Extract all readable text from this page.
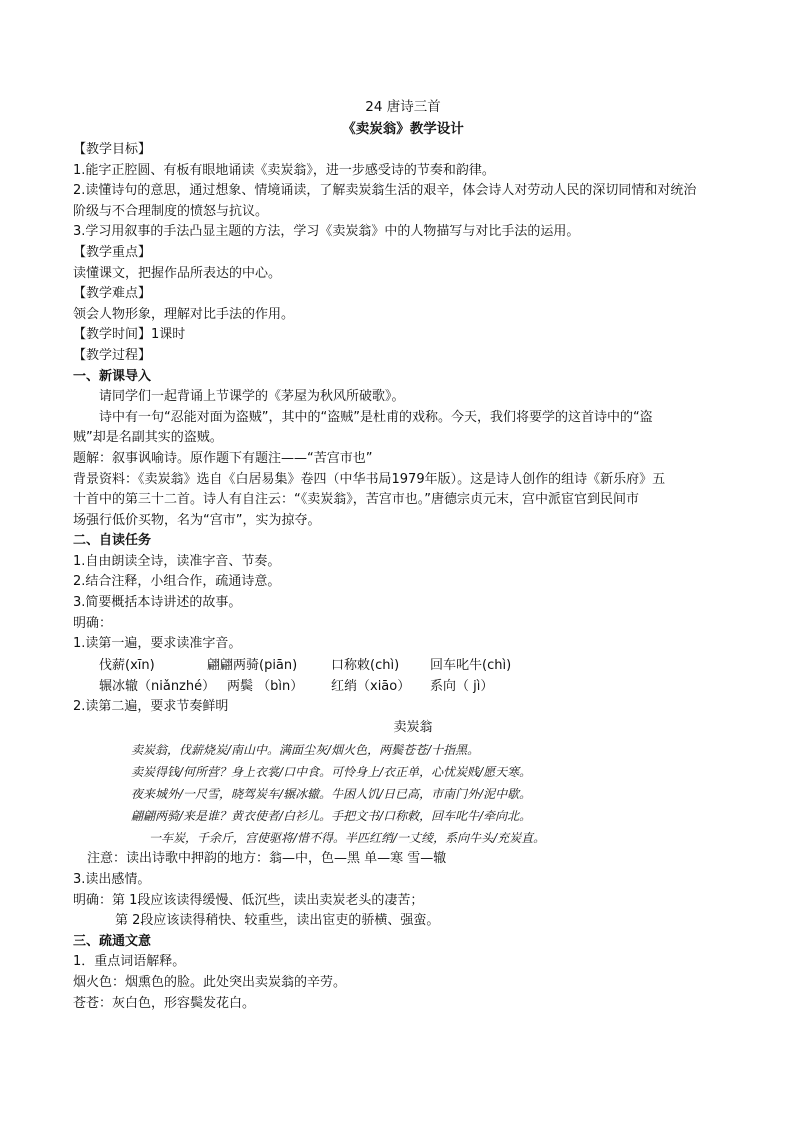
24 唐诗三首
《卖炭翁》教学设计
【教学目标】
1.能字正腔圆、有板有眼地诵读《卖炭翁》，进一步感受诗的节奏和韵律。
2.读懂诗句的意思，通过想象、情境诵读，了解卖炭翁生活的艰辛，体会诗人对劳动人民的深切同情和对统治
阶级与不合理制度的愤怒与抗议。
3.学习用叙事的手法凸显主题的方法，学习《卖炭翁》中的人物描写与对比手法的运用。
【教学重点】
读懂课文，把握作品所表达的中心。
【教学难点】
领会人物形象，理解对比手法的作用。
【教学时间】1课时
【教学过程】
一、新课导入
请同学们一起背诵上节课学的《茅屋为秋风所破歌》。
诗中有一句“忍能对面为盗贼”，其中的“盗贼”是杜甫的戏称。今天，我们将要学的这首诗中的“盗
贼”却是名副其实的盗贼。
题解：叙事讽喻诗。原作题下有题注——“苦宫市也”
背景资料：《卖炭翁》选自《白居易集》卷四（中华书局1979年版）。这是诗人创作的组诗《新乐府》五
十首中的第三十二首。诗人有自注云：“《卖炭翁》，苦宫市也。”唐德宗贞元末，宫中派宦官到民间市
场强行低价买物，名为“宫市”，实为掠夺。
二、自读任务
1.自由朗读全诗，读准字音、节奏。
2.结合注释，小组合作，疏通诗意。
3.简要概括本诗讲述的故事。
明确：
1.读第一遍，要求读准字音。
伐薪(xīn)	翩翩两骑(piān)	口称敕(chì) 回车叱牛(chì)
辗冰辙（niǎnzhé） 两鬓 （bìn） 红绡（xiāo） 系向（ jì）
2.读第二遍，要求节奏鲜明
卖炭翁
卖炭翁，伐薪烧炭/南山中。满面尘灰/烟火色，两鬓苍苍/十指黑。
卖炭得钱/何所营？身上衣裳/口中食。可怜身上/衣正单，心忧炭贱/愿天寒。
夜来城外/一尺雪，晓驾炭车/辗冰辙。牛困人饥/日已高，市南门外/泥中歇。
翩翩两骑/来是谁？黄衣使者/白衫儿。手把文书/口称敕，回车叱牛/牵向北。
一车炭，千余斤，宫使驱将/惜不得。半匹红绡/一丈绫，系向牛头/充炭直。
注意：读出诗歌中押韵的地方：翁—中，色—黑 单—寒 雪—辙
3.读出感情。
明确：第 1段应该读得缓慢、低沉些，读出卖炭老头的凄苦；
第 2段应该读得稍快、较重些，读出宦吏的骄横、强蛮。
三、疏通文意
1．重点词语解释。
烟火色：烟熏色的脸。此处突出卖炭翁的辛劳。
苍苍：灰白色，形容鬓发花白。
